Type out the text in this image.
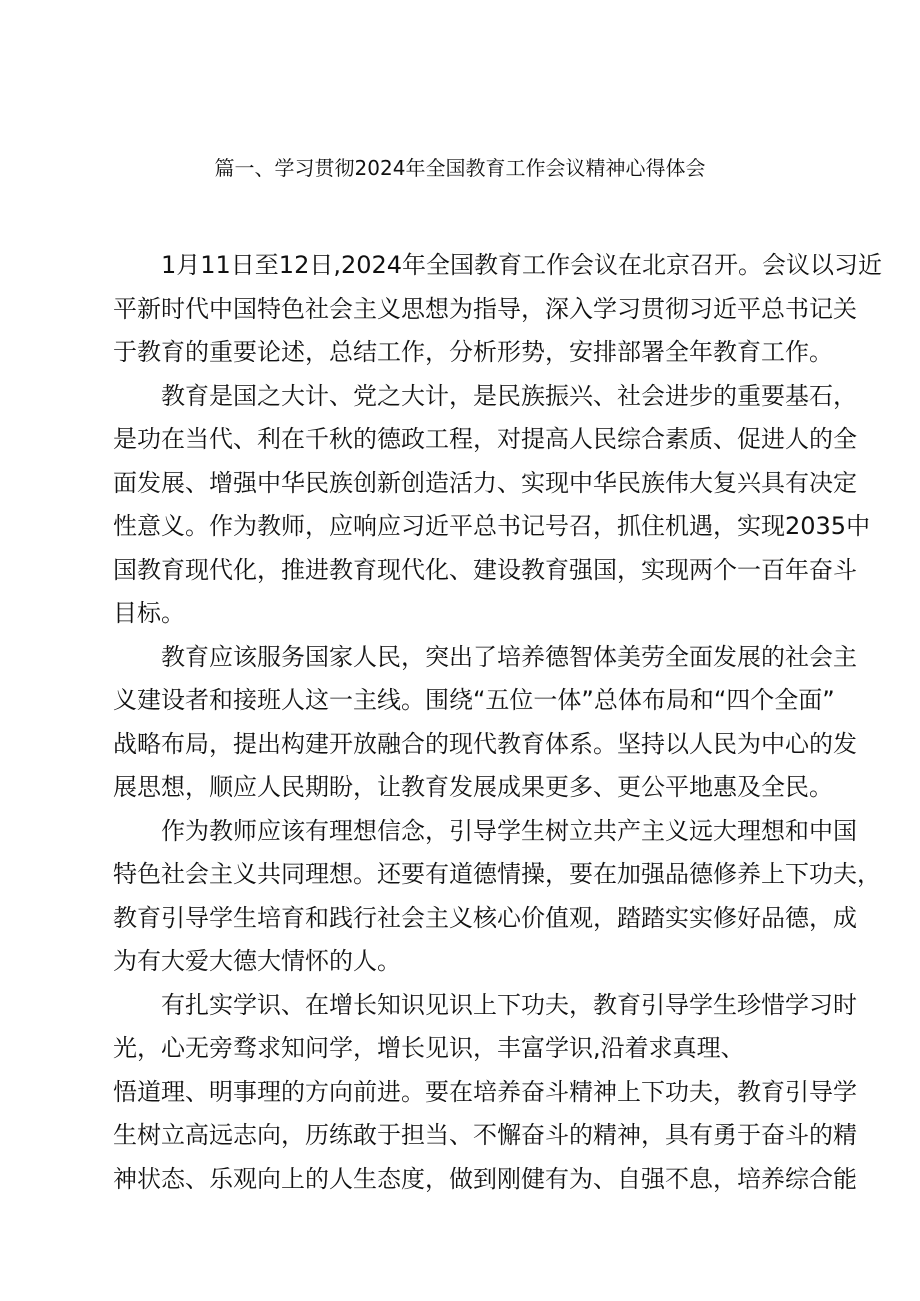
篇一、学习贯彻2024年全国教育工作会议精神心得体会
1月11日至12日,2024年全国教育工作会议在北京召开。会议以习近
平新时代中国特色社会主义思想为指导，深入学习贯彻习近平总书记关
于教育的重要论述，总结工作，分析形势，安排部署全年教育工作。
教育是国之大计、党之大计，是民族振兴、社会进步的重要基石，
是功在当代、利在千秋的德政工程，对提高人民综合素质、促进人的全
面发展、增强中华民族创新创造活力、实现中华民族伟大复兴具有决定
性意义。作为教师，应响应习近平总书记号召，抓住机遇，实现2035中
国教育现代化，推进教育现代化、建设教育强国，实现两个一百年奋斗
目标。
教育应该服务国家人民，突出了培养德智体美劳全面发展的社会主
义建设者和接班人这一主线。围绕“五位一体”总体布局和“四个全面”
战略布局，提出构建开放融合的现代教育体系。坚持以人民为中心的发
展思想，顺应人民期盼，让教育发展成果更多、更公平地惠及全民。
作为教师应该有理想信念，引导学生树立共产主义远大理想和中国
特色社会主义共同理想。还要有道德情操，要在加强品德修养上下功夫，
教育引导学生培育和践行社会主义核心价值观，踏踏实实修好品德，成
为有大爱大德大情怀的人。
有扎实学识、在增长知识见识上下功夫，教育引导学生珍惜学习时
光，心无旁骛求知问学，增长见识，丰富学识,沿着求真理、
悟道理、明事理的方向前进。要在培养奋斗精神上下功夫，教育引导学
生树立高远志向，历练敢于担当、不懈奋斗的精神，具有勇于奋斗的精
神状态、乐观向上的人生态度，做到刚健有为、自强不息，培养综合能
